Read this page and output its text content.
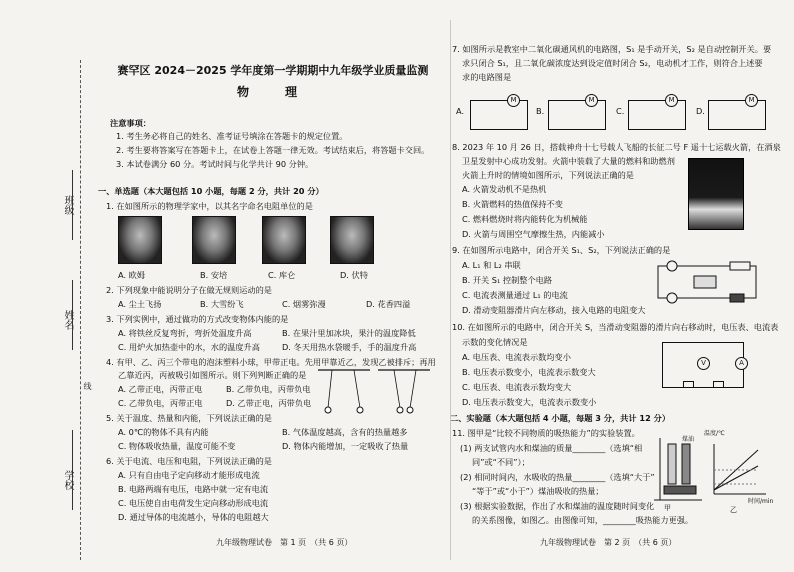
班级
姓名
学校
线
赛罕区 2024－2025 学年度第一学期期中九年级学业质量监测
物　理
注意事项：
1. 考生务必将自己的姓名、准考证号填涂在答题卡的规定位置。
2. 考生要将答案写在答题卡上，在试卷上答题一律无效。考试结束后，将答题卡交回。
3. 本试卷满分 60 分。考试时间与化学共计 90 分钟。
一、单选题（本大题包括 10 小题，每题 2 分，共计 20 分）
1. 在如图所示的物理学家中，以其名字命名电阻单位的是
A. 欧姆	B. 安培	C. 库仑	D. 伏特
2. 下列现象中能说明分子在做无规则运动的是
A. 尘土飞扬	B. 大雪纷飞	C. 烟雾弥漫	D. 花香四溢
3. 下列实例中，通过做功的方式改变物体内能的是
A. 将铁丝反复弯折，弯折处温度升高	B. 在果汁里加冰块，果汁的温度降低
C. 用炉火加热壶中的水，水的温度升高	D. 冬天用热水袋暖手，手的温度升高
4. 有甲、乙、丙三个带电的泡沫塑料小球，甲带正电。先用甲靠近乙，发现乙被排斥；再用
乙靠近丙，丙被吸引如图所示。则下列判断正确的是
A. 乙带正电，丙带正电	B. 乙带负电，丙带负电
C. 乙带负电，丙带正电	D. 乙带正电，丙带负电
5. 关于温度、热量和内能，下列说法正确的是
A. 0℃的物体不具有内能	B. 气体温度越高，含有的热量越多
C. 物体吸收热量，温度可能不变	D. 物体内能增加，一定吸收了热量
6. 关于电流、电压和电阻，下列说法正确的是
A. 只有自由电子定向移动才能形成电流
B. 电路两端有电压，电路中就一定有电流
C. 电压使自由电荷发生定向移动形成电流
D. 通过导体的电流越小，导体的电阻越大
九年级物理试卷　第 1 页　（共 6 页）
7. 如图所示是教室中二氧化碳通风机的电路图，S₁ 是手动开关，S₂ 是自动控制开关。要
求只闭合 S₁，且二氧化碳浓度达到设定值时闭合 S₂，电动机才工作，则符合上述要
求的电路图是
A.
M
B.
M
C.
M
D.
M
8. 2023 年 10 月 26 日，搭载神舟十七号载人飞船的长征二号 F 遥十七运载火箭，在酒泉
卫星发射中心成功发射。火箭中装载了大量的燃料和助燃剂
火箭上升时的情境如图所示，下列说法正确的是
A. 火箭发动机不是热机
B. 火箭燃料的热值保持不变
C. 燃料燃烧时将内能转化为机械能
D. 火箭与周围空气摩擦生热，内能减小
9. 在如图所示电路中，闭合开关 S₁、S₂，下列说法正确的是
A. L₁ 和 L₂ 串联
B. 开关 S₁ 控制整个电路
C. 电流表测量通过 L₁ 的电流
D. 滑动变阻器滑片向左移动，接入电路的电阻变大
10. 在如图所示的电路中，闭合开关 S，当滑动变阻器的滑片向右移动时，电压表、电流表
示数的变化情况是
A. 电压表、电流表示数均变小
B. 电压表示数变小，电流表示数变大
C. 电压表、电流表示数均变大
D. 电压表示数变大，电流表示数变小
V	A
二、实验题（本大题包括 4 小题，每题 3 分，共计 12 分）
11. 图甲是“比较不同物质的吸热能力”的实验装置。
(1) 两支试管内水和煤油的质量________（选填“相
同”或“不同”）；
(2) 相同时间内，水吸收的热量________（选填“大于”
“等于”或“小于”）煤油吸收的热量；
(3) 根据实验数据，作出了水和煤油的温度随时间变化
的关系图像，如图乙。由图像可知，________吸热能力更强。
煤油
甲
温度/℃
时间/min
乙
九年级物理试卷　第 2 页　（共 6 页）
